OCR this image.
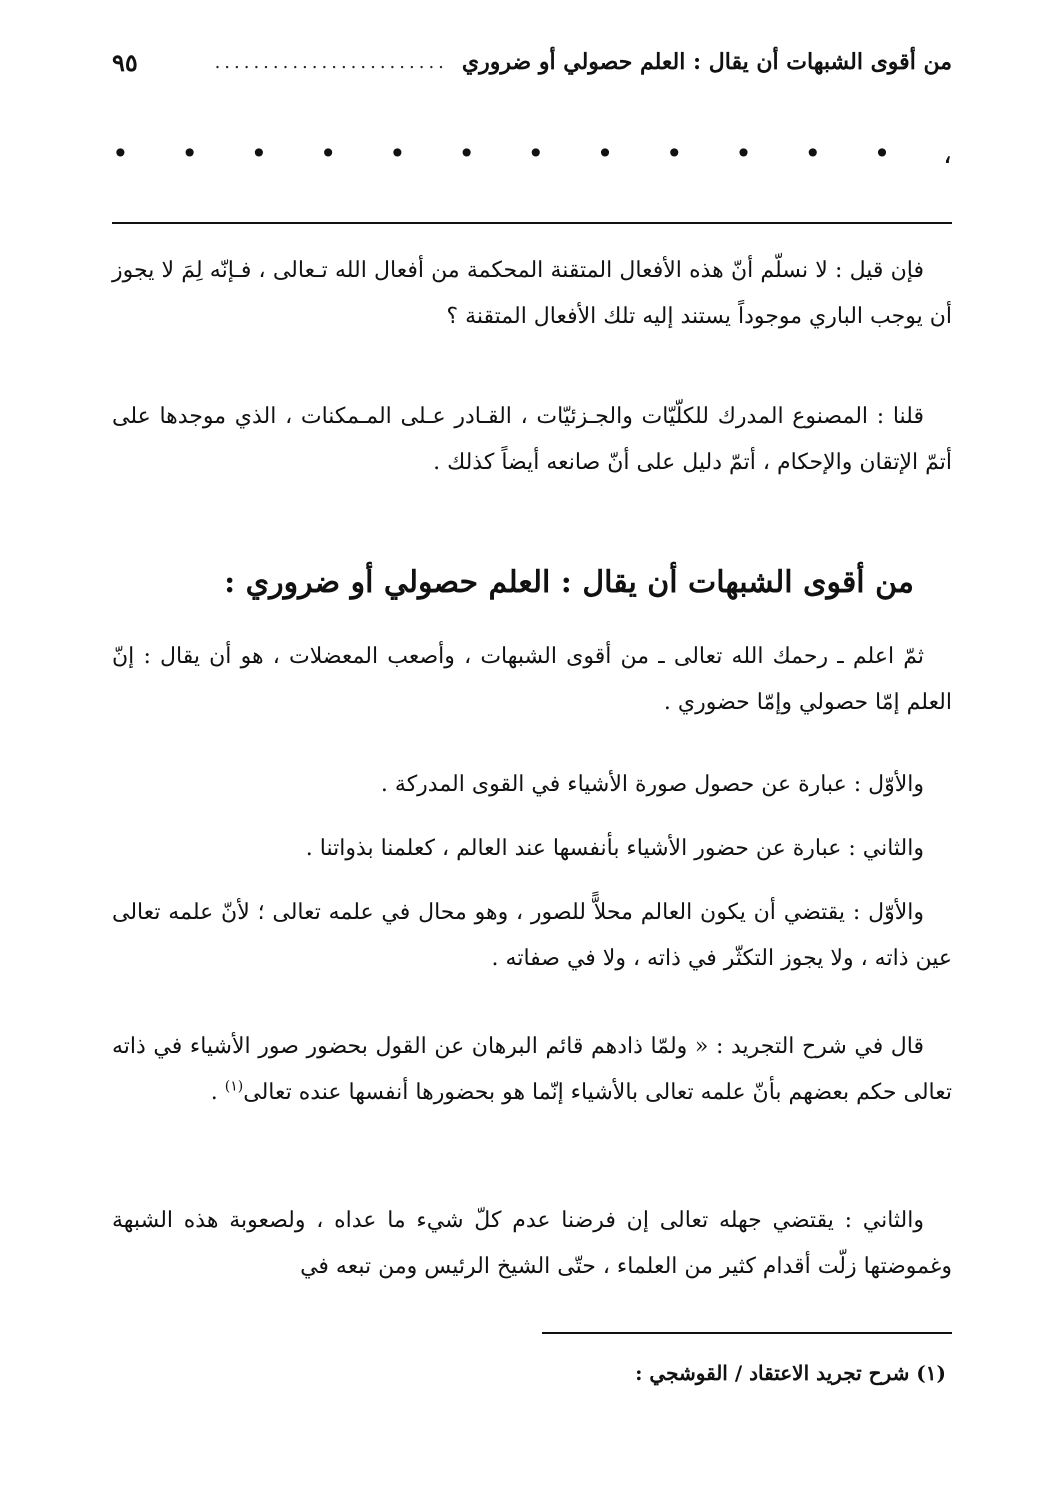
من أقوى الشبهات أن يقال : العلم حصولي أو ضروري
........................
٩٥
،
•
•
•
•
•
•
•
•
•
•
•
•

فإن قيل : لا نسلّم أنّ هذه الأفعال المتقنة المحكمة من أفعال الله تـعالى ، فـإنّه لِمَ لا يجوز أن يوجب الباري موجوداً يستند إليه تلك الأفعال المتقنة ؟

قلنا : المصنوع المدرك للكلّيّات والجـزئيّات ، القـادر عـلى المـمكنات ، الذي موجدها على أتمّ الإتقان والإحكام ، أتمّ دليل على أنّ صانعه أيضاً كذلك .

من أقوى الشبهات أن يقال : العلم حصولي أو ضروري :

ثمّ اعلم ـ رحمك الله تعالى ـ من أقوى الشبهات ، وأصعب المعضلات ، هو أن يقال : إنّ العلم إمّا حصولي وإمّا حضوري .

والأوّل : عبارة عن حصول صورة الأشياء في القوى المدركة .

والثاني : عبارة عن حضور الأشياء بأنفسها عند العالم ، كعلمنا بذواتنا .

والأوّل : يقتضي أن يكون العالم محلاًّ للصور ، وهو محال في علمه تعالى ؛ لأنّ علمه تعالى عين ذاته ، ولا يجوز التكثّر في ذاته ، ولا في صفاته .

قال في شرح التجريد : « ولمّا ذادهم قائم البرهان عن القول بحضور صور الأشياء في ذاته تعالى حكم بعضهم بأنّ علمه تعالى بالأشياء إنّما هو بحضورها أنفسها عنده تعالى$^{(١)}$ .

والثاني : يقتضي جهله تعالى إن فرضنا عدم كلّ شيء ما عداه ، ولصعوبة هذه الشبهة وغموضتها زلّت أقدام كثير من العلماء ، حتّى الشيخ الرئيس ومن تبعه في

(١) شرح تجريد الاعتقاد / القوشجي :
